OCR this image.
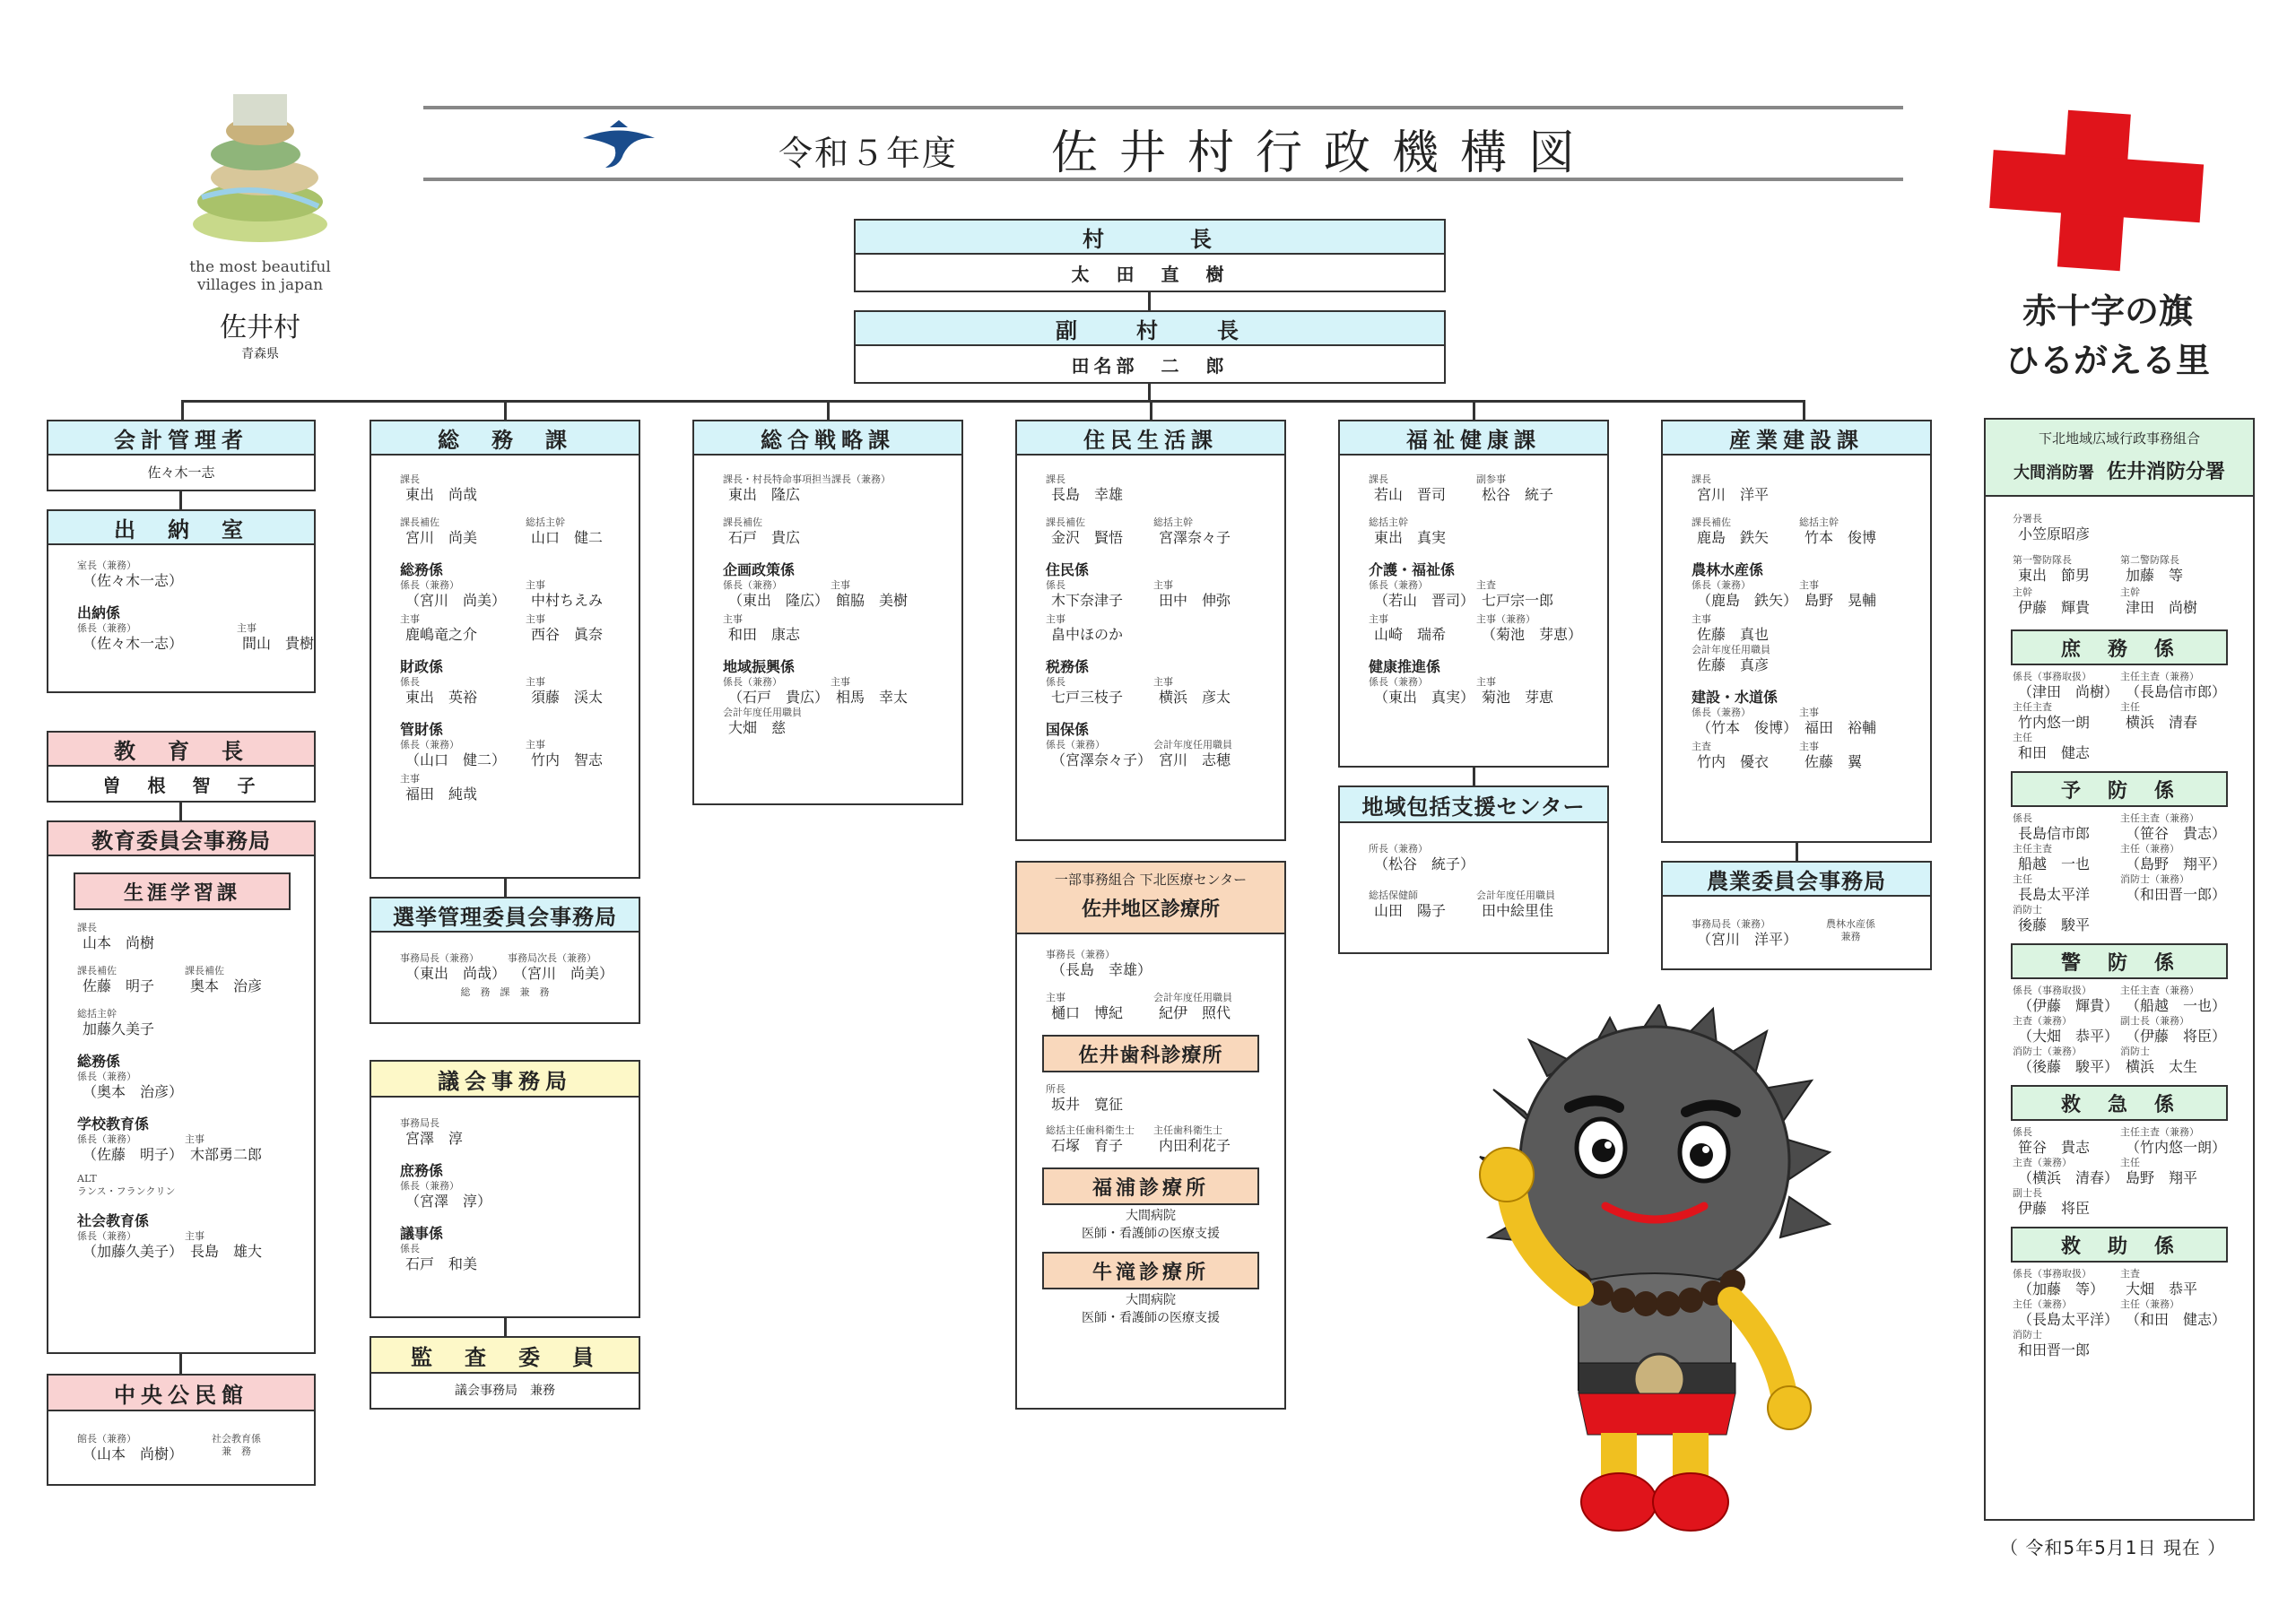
the most beautiful
villages in japan
佐井村
青森県
令和５年度 佐井村行政機構図
赤十字の旗
ひるがえる里
村　　　長
太　田　直　樹
副　　村　　長
田名部　二　郎
会計管理者
佐々木一志
出　納　室
室長（兼務）
（佐々木一志）
出納係
係長（兼務）
（佐々木一志）
主事
間山　貴樹
教　育　長
曽　根　智　子
教育委員会事務局
生涯学習課
課長
山本　尚樹
課長補佐
佐藤　明子
課長補佐
奥本　治彦
総括主幹
加藤久美子
総務係
係長（兼務）
（奥本　治彦）
学校教育係
係長（兼務）
（佐藤　明子）
主事
木部勇二郎
ALT
ランス・フランクリン
社会教育係
係長（兼務）
（加藤久美子）
主事
長島　雄大
中央公民館
館長（兼務）
（山本　尚樹）
社会教育係
兼　務
総　務　課
課長
東出　尚哉
課長補佐
宮川　尚美
総括主幹
山口　健二
総務係
係長（兼務）
（宮川　尚美）
主事
中村ちえみ
主事
鹿嶋竜之介
主事
西谷　眞奈
財政係
係長
東出　英裕
主事
須藤　渓太
管財係
係長（兼務）
（山口　健二）
主事
竹内　智志
主事
福田　純哉
選挙管理委員会事務局
事務局長（兼務）
（東出　尚哉）
事務局次長（兼務）
（宮川　尚美）
総　務　課　兼　務
議会事務局
事務局長
宮澤　淳
庶務係
係長（兼務）
（宮澤　淳）
議事係
係長
石戸　和美
監　査　委　員
議会事務局　兼務
総合戦略課
課長・村長特命事項担当課長（兼務）
東出　隆広
課長補佐
石戸　貴広
企画政策係
係長（兼務）
（東出　隆広）
主事
館脇　美樹
主事
和田　康志
地域振興係
係長（兼務）
（石戸　貴広）
主事
相馬　幸太
会計年度任用職員
大畑　慈
住民生活課
課長
長島　幸雄
課長補佐
金沢　賢悟
総括主幹
宮澤奈々子
住民係
係長
木下奈津子
主事
田中　伸弥
主事
畠中ほのか
税務係
係長
七戸三枝子
主事
横浜　彦太
国保係
係長（兼務）
（宮澤奈々子）
会計年度任用職員
宮川　志穂
一部事務組合 下北医療センター
佐井地区診療所
事務長（兼務）
（長島　幸雄）
主事
樋口　博紀
会計年度任用職員
紀伊　照代
佐井歯科診療所
所長
坂井　寛征
総括主任歯科衛生士
石塚　育子
主任歯科衛生士
内田利花子
福浦診療所
大間病院
医師・看護師の医療支援
牛滝診療所
大間病院
医師・看護師の医療支援
福祉健康課
課長
若山　晋司
副参事
松谷　統子
総括主幹
東出　真実
介護・福祉係
係長（兼務）
（若山　晋司）
主査
七戸宗一郎
主事
山崎　瑞希
主事（兼務）
（菊池　芽恵）
健康推進係
係長（兼務）
（東出　真実）
主事
菊池　芽恵
地域包括支援センター
所長（兼務）
（松谷　統子）
総括保健師
山田　陽子
会計年度任用職員
田中絵里佳
産業建設課
課長
宮川　洋平
課長補佐
鹿島　鉄矢
総括主幹
竹本　俊博
農林水産係
係長（兼務）
（鹿島　鉄矢）
主事
島野　晃輔
主事
佐藤　真也
会計年度任用職員
佐藤　真彦
建設・水道係
係長（兼務）
（竹本　俊博）
主事
福田　裕輔
主査
竹内　優衣
主事
佐藤　翼
農業委員会事務局
事務局長（兼務）
（宮川　洋平）
農林水産係
兼務
下北地域広域行政事務組合
大間消防署 佐井消防分署
分署長
小笠原昭彦
第一警防隊長
東出　節男
第二警防隊長
加藤　等
主幹
伊藤　輝貴
主幹
津田　尚樹
庶　務　係
係長（事務取扱）
（津田　尚樹）
主任主査（兼務）
（長島信市郎）
主任主査
竹内悠一朗
主任
横浜　清春
主任
和田　健志
予　防　係
係長
長島信市郎
主任主査（兼務）
（笹谷　貴志）
主任主査
船越　一也
主任（兼務）
（島野　翔平）
主任
長島太平洋
消防士（兼務）
（和田晋一郎）
消防士
後藤　駿平
警　防　係
係長（事務取扱）
（伊藤　輝貴）
主任主査（兼務）
（船越　一也）
主査（兼務）
（大畑　恭平）
副士長（兼務）
（伊藤　将臣）
消防士（兼務）
（後藤　駿平）
消防士
横浜　太生
救　急　係
係長
笹谷　貴志
主任主査（兼務）
（竹内悠一朗）
主査（兼務）
（横浜　清春）
主任
島野　翔平
副士長
伊藤　将臣
救　助　係
係長（事務取扱）
（加藤　等）
主査
大畑　恭平
主任（兼務）
（長島太平洋）
主任（兼務）
（和田　健志）
消防士
和田晋一郎
（ 令和5年5月1日 現在 ）
